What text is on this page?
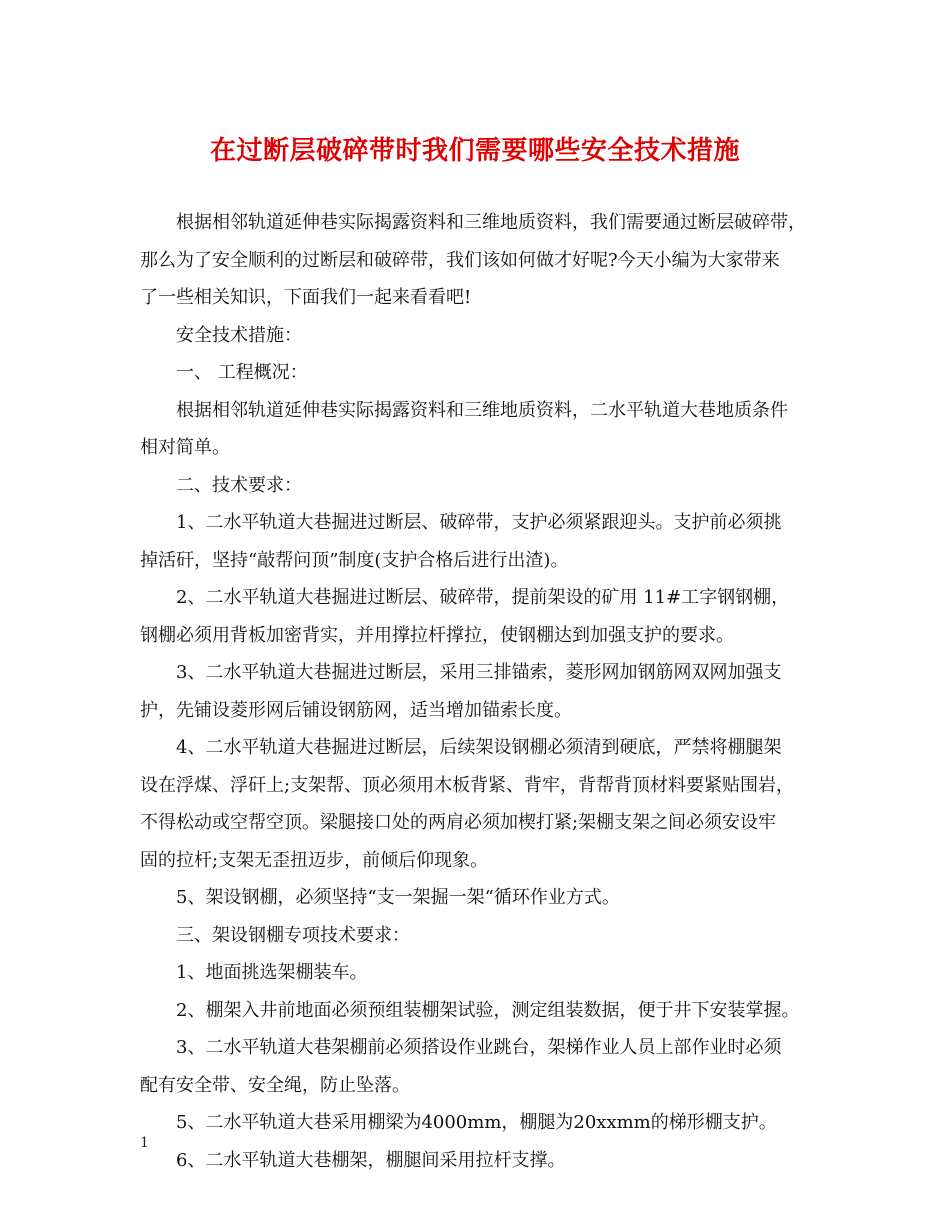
在过断层破碎带时我们需要哪些安全技术措施
根据相邻轨道延伸巷实际揭露资料和三维地质资料，我们需要通过断层破碎带，
那么为了安全顺利的过断层和破碎带，我们该如何做才好呢?今天小编为大家带来
了一些相关知识，下面我们一起来看看吧!
安全技术措施：
一、 工程概况：
根据相邻轨道延伸巷实际揭露资料和三维地质资料，二水平轨道大巷地质条件
相对简单。
二、技术要求：
1、二水平轨道大巷掘进过断层、破碎带，支护必须紧跟迎头。支护前必须挑
掉活矸，坚持“敲帮问顶”制度(支护合格后进行出渣)。
2、二水平轨道大巷掘进过断层、破碎带，提前架设的矿用 11#工字钢钢棚，
钢棚必须用背板加密背实，并用撑拉杆撑拉，使钢棚达到加强支护的要求。
3、二水平轨道大巷掘进过断层，采用三排锚索，菱形网加钢筋网双网加强支
护，先铺设菱形网后铺设钢筋网，适当增加锚索长度。
4、二水平轨道大巷掘进过断层，后续架设钢棚必须清到硬底，严禁将棚腿架
设在浮煤、浮矸上;支架帮、顶必须用木板背紧、背牢，背帮背顶材料要紧贴围岩，
不得松动或空帮空顶。梁腿接口处的两肩必须加楔打紧;架棚支架之间必须安设牢
固的拉杆;支架无歪扭迈步，前倾后仰现象。
5、架设钢棚，必须坚持“支一架掘一架“循环作业方式。
三、架设钢棚专项技术要求：
1、地面挑选架棚装车。
2、棚架入井前地面必须预组装棚架试验，测定组装数据，便于井下安装掌握。
3、二水平轨道大巷架棚前必须搭设作业跳台，架梯作业人员上部作业时必须
配有安全带、安全绳，防止坠落。
5、二水平轨道大巷采用棚梁为4000mm，棚腿为20xxmm的梯形棚支护。
6、二水平轨道大巷棚架，棚腿间采用拉杆支撑。
1
